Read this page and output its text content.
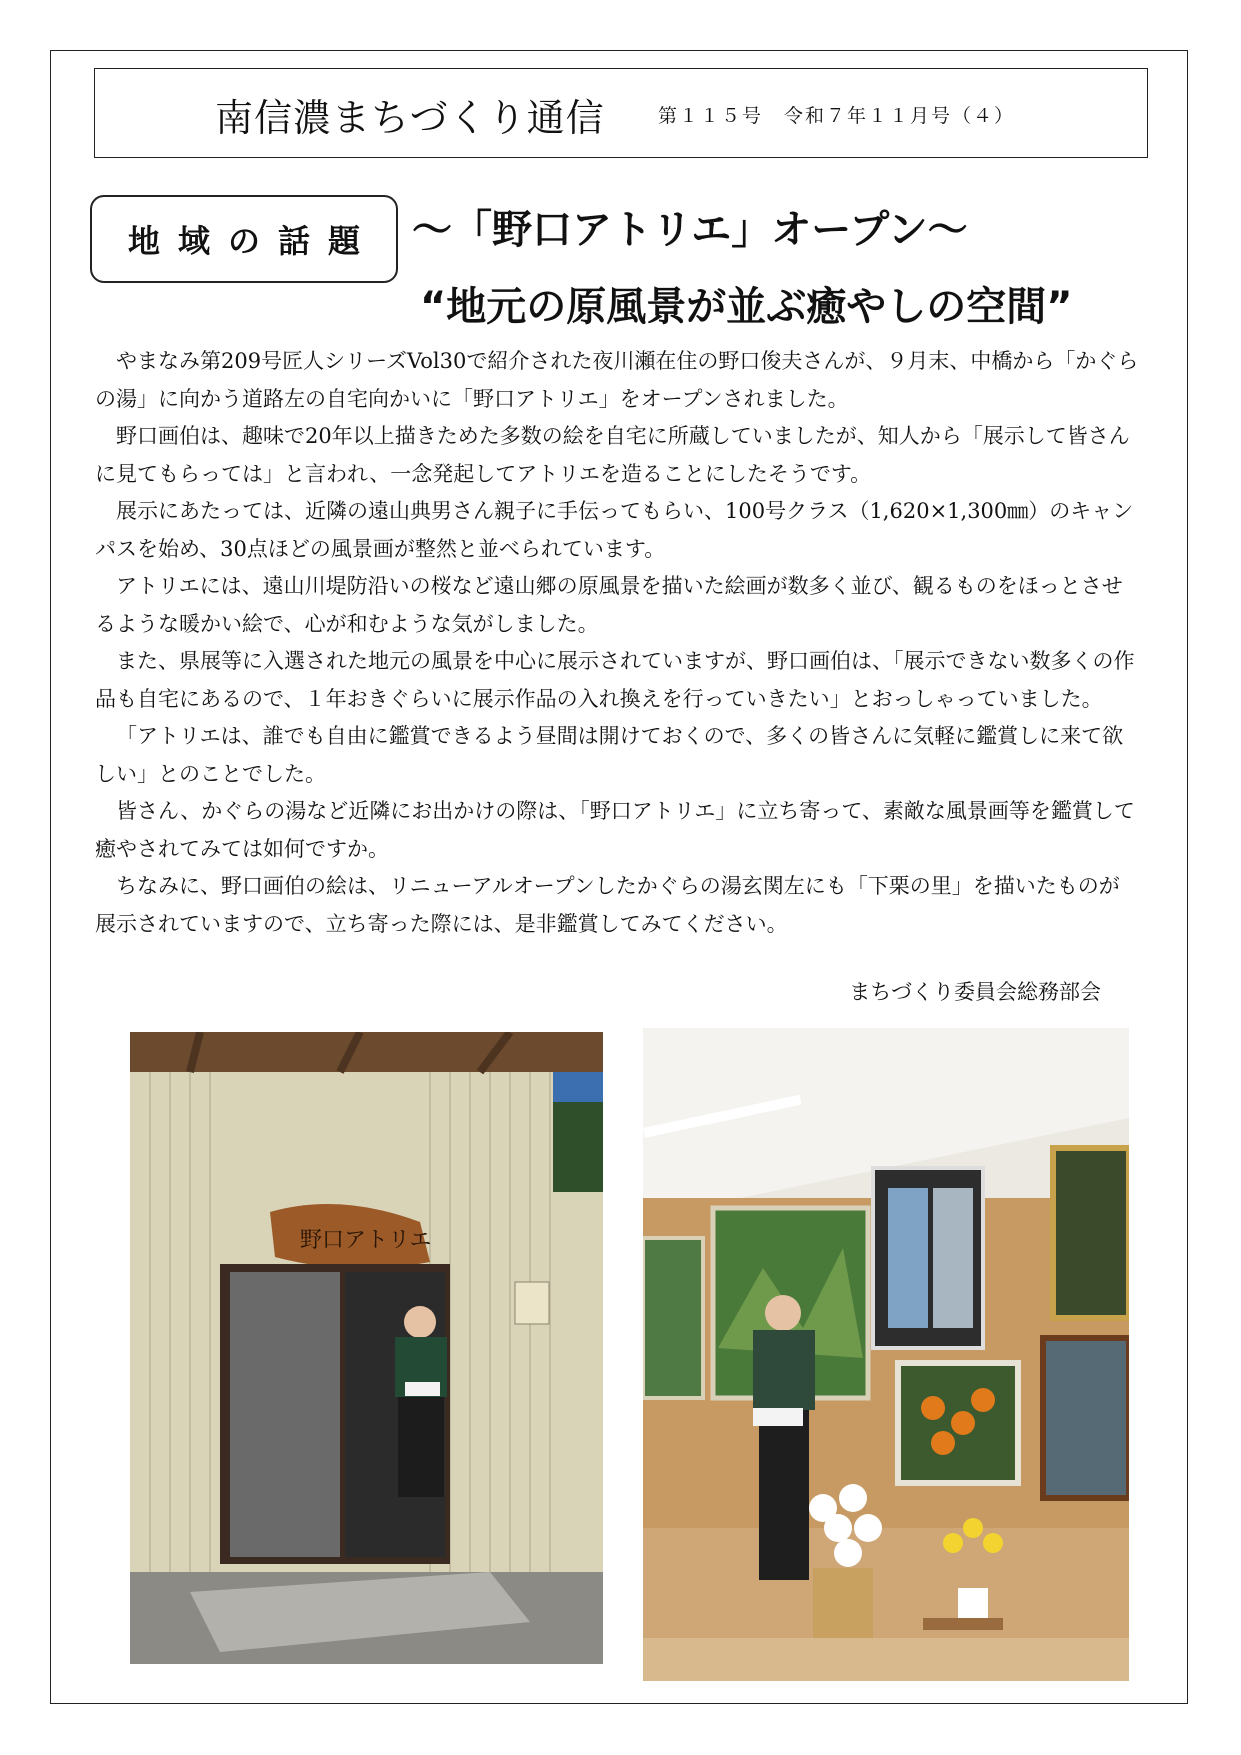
南信濃まちづくり通信	第１１５号　令和７年１１月号（４）
地域の話題 ～「野口アトリエ」オープン～
“地元の原風景が並ぶ癒やしの空間”

やまなみ第209号匠人シリーズVol30で紹介された夜川瀬在住の野口俊夫さんが、９月末、中橋から「かぐらの湯」に向かう道路左の自宅向かいに「野口アトリエ」をオープンされました。

野口画伯は、趣味で20年以上描きためた多数の絵を自宅に所蔵していましたが、知人から「展示して皆さんに見てもらっては」と言われ、一念発起してアトリエを造ることにしたそうです。

展示にあたっては、近隣の遠山典男さん親子に手伝ってもらい、100号クラス（1,620×1,300㎜）のキャンパスを始め、30点ほどの風景画が整然と並べられています。

アトリエには、遠山川堤防沿いの桜など遠山郷の原風景を描いた絵画が数多く並び、観るものをほっとさせるような暖かい絵で、心が和むような気がしました。

また、県展等に入選された地元の風景を中心に展示されていますが、野口画伯は、「展示できない数多くの作品も自宅にあるので、１年おきぐらいに展示作品の入れ換えを行っていきたい」とおっしゃっていました。

「アトリエは、誰でも自由に鑑賞できるよう昼間は開けておくので、多くの皆さんに気軽に鑑賞しに来て欲しい」とのことでした。

皆さん、かぐらの湯など近隣にお出かけの際は、「野口アトリエ」に立ち寄って、素敵な風景画等を鑑賞して癒やされてみては如何ですか。

ちなみに、野口画伯の絵は、リニューアルオープンしたかぐらの湯玄関左にも「下栗の里」を描いたものが展示されていますので、立ち寄った際には、是非鑑賞してみてください。

まちづくり委員会総務部会
野口アトリエ
